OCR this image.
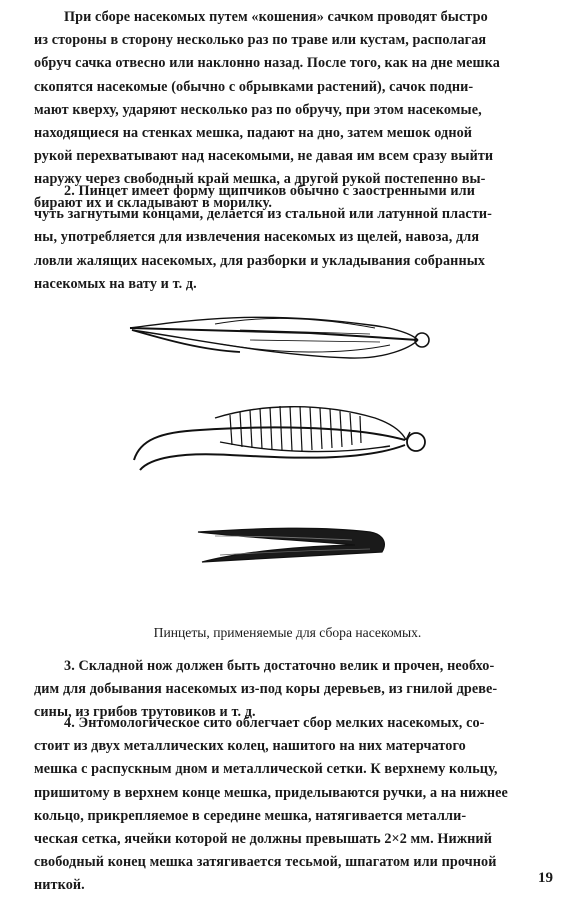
При сборе насекомых путем «кошения» сачком проводят быстро
из стороны в сторону несколько раз по траве или кустам, располагая
обруч сачка отвесно или наклонно назад. После того, как на дне мешка
скопятся насекомые (обычно с обрывками растений), сачок подни-
мают кверху, ударяют несколько раз по обручу, при этом насекомые,
находящиеся на стенках мешка, падают на дно, затем мешок одной
рукой перехватывают над насекомыми, не давая им всем сразу выйти
наружу через свободный край мешка, а другой рукой постепенно вы-
бирают их и складывают в морилку.
2. Пинцет имеет форму щипчиков обычно с заостренными или
чуть загнутыми концами, делается из стальной или латунной пласти-
ны, употребляется для извлечения насекомых из щелей, навоза, для
ловли жалящих насекомых, для разборки и укладывания собранных
насекомых на вату и т. д.
Пинцеты, применяемые для сбора насекомых.
3. Складной нож должен быть достаточно велик и прочен, необхо-
дим для добывания насекомых из-под коры деревьев, из гнилой древе-
сины, из грибов трутовиков и т. д.
4. Энтомологическое сито облегчает сбор мелких насекомых, со-
стоит из двух металлических колец, нашитого на них матерчатого
мешка с распускным дном и металлической сетки. К верхнему кольцу,
пришитому в верхнем конце мешка, приделываются ручки, а на нижнее
кольцо, прикрепляемое в середине мешка, натягивается металли-
ческая сетка, ячейки которой не должны превышать 2×2 мм. Нижний
свободный конец мешка затягивается тесьмой, шпагатом или прочной
ниткой.	19
